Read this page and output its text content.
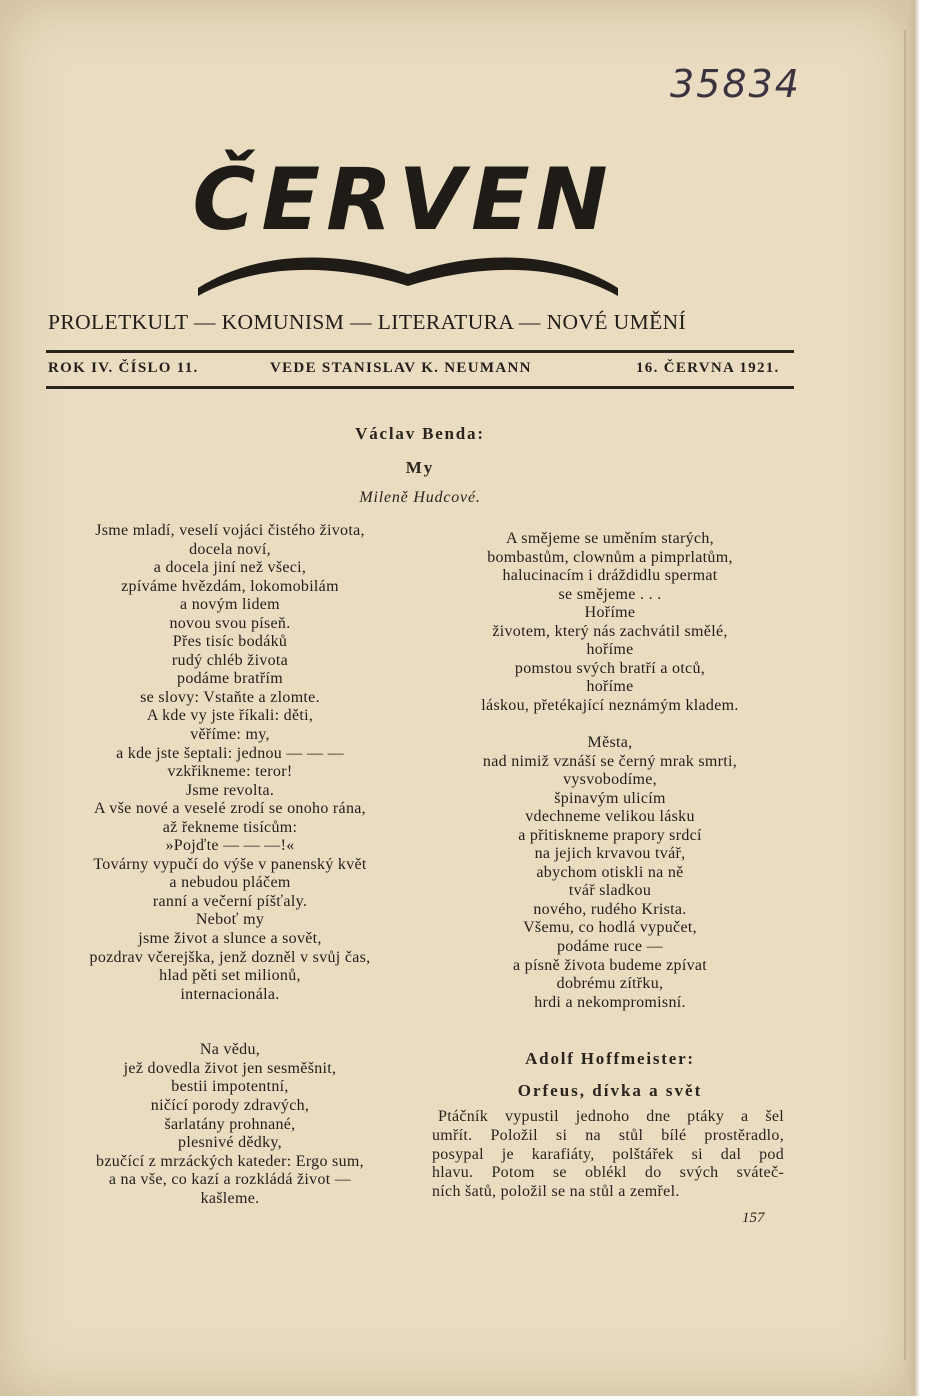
35834
ČERVEN
PROLETKULT — KOMUNISM — LITERATURA — NOVÉ UMĚNÍ
ROK IV. ČÍSLO 11.	VEDE STANISLAV K. NEUMANN	16. ČERVNA 1921.
Václav Benda:
My
Mileně Hudcové.
Jsme mladí, veselí vojáci čistého života,
docela noví,
a docela jiní než všeci,
zpíváme hvězdám, lokomobilám
a novým lidem
novou svou píseň.
Přes tisíc bodáků
rudý chléb života
podáme bratřím
se slovy: Vstaňte a zlomte.
A kde vy jste říkali: děti,
věříme: my,
a kde jste šeptali: jednou — — —
vzkřikneme: teror!
Jsme revolta.
A vše nové a veselé zrodí se onoho rána,
až řekneme tisícům:
»Pojďte — — —!«
Továrny vypučí do výše v panenský květ
a nebudou pláčem
ranní a večerní píšťaly.
Neboť my
jsme život a slunce a sovět,
pozdrav včerejška, jenž dozněl v svůj čas,
hlad pěti set milionů,
internacionála.
Na vědu,
jež dovedla život jen sesměšnit,
bestii impotentní,
ničící porody zdravých,
šarlatány prohnané,
plesnivé dědky,
bzučící z mrzáckých kateder: Ergo sum,
a na vše, co kazí a rozkládá život —
kašleme.
A smějeme se uměním starých,
bombastům, clownům a pimprlatům,
halucinacím i dráždidlu spermat
se smějeme . . .
Hoříme
životem, který nás zachvátil smělé,
hoříme
pomstou svých bratří a otců,
hoříme
láskou, přetékající neznámým kladem.
Města,
nad nimiž vznáší se černý mrak smrti,
vysvobodíme,
špinavým ulicím
vdechneme velikou lásku
a přitiskneme prapory srdcí
na jejich krvavou tvář,
abychom otiskli na ně
tvář sladkou
nového, rudého Krista.
Všemu, co hodlá vypučet,
podáme ruce —
a písně života budeme zpívat
dobrému zítřku,
hrdi a nekompromisní.
Adolf Hoffmeister:
Orfeus, dívka a svět
Ptáčník vypustil jednoho dne ptáky a šel
umřít. Položil si na stůl bílé prostěradlo,
posypal je karafiáty, polštářek si dal pod
hlavu. Potom se oblékl do svých sváteč-
ních šatů, položil se na stůl a zemřel.
157
